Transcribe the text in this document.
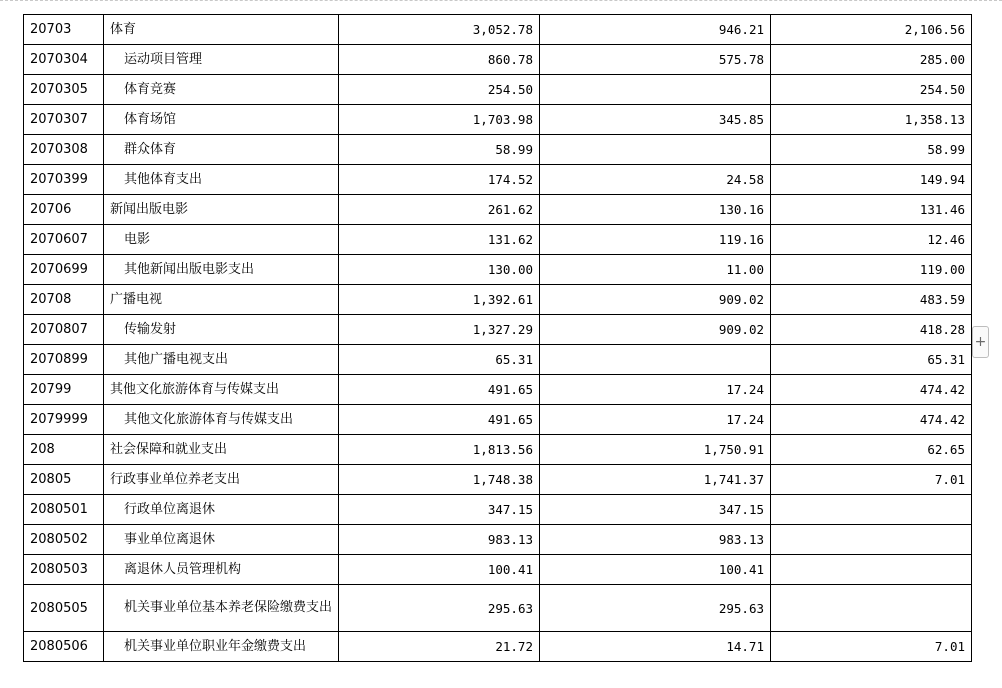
20703	体育	3,052.78	946.21	2,106.56
2070304	运动项目管理	860.78	575.78	285.00
2070305	体育竞赛	254.50		254.50
2070307	体育场馆	1,703.98	345.85	1,358.13
2070308	群众体育	58.99		58.99
2070399	其他体育支出	174.52	24.58	149.94
20706	新闻出版电影	261.62	130.16	131.46
2070607	电影	131.62	119.16	12.46
2070699	其他新闻出版电影支出	130.00	11.00	119.00
20708	广播电视	1,392.61	909.02	483.59
2070807	传输发射	1,327.29	909.02	418.28
2070899	其他广播电视支出	65.31		65.31
20799	其他文化旅游体育与传媒支出	491.65	17.24	474.42
2079999	其他文化旅游体育与传媒支出	491.65	17.24	474.42
208	社会保障和就业支出	1,813.56	1,750.91	62.65
20805	行政事业单位养老支出	1,748.38	1,741.37	7.01
2080501	行政单位离退休	347.15	347.15	
2080502	事业单位离退休	983.13	983.13	
2080503	离退休人员管理机构	100.41	100.41	
2080505	机关事业单位基本养老保险缴费支出	295.63	295.63	
2080506	机关事业单位职业年金缴费支出	21.72	14.71	7.01
+
